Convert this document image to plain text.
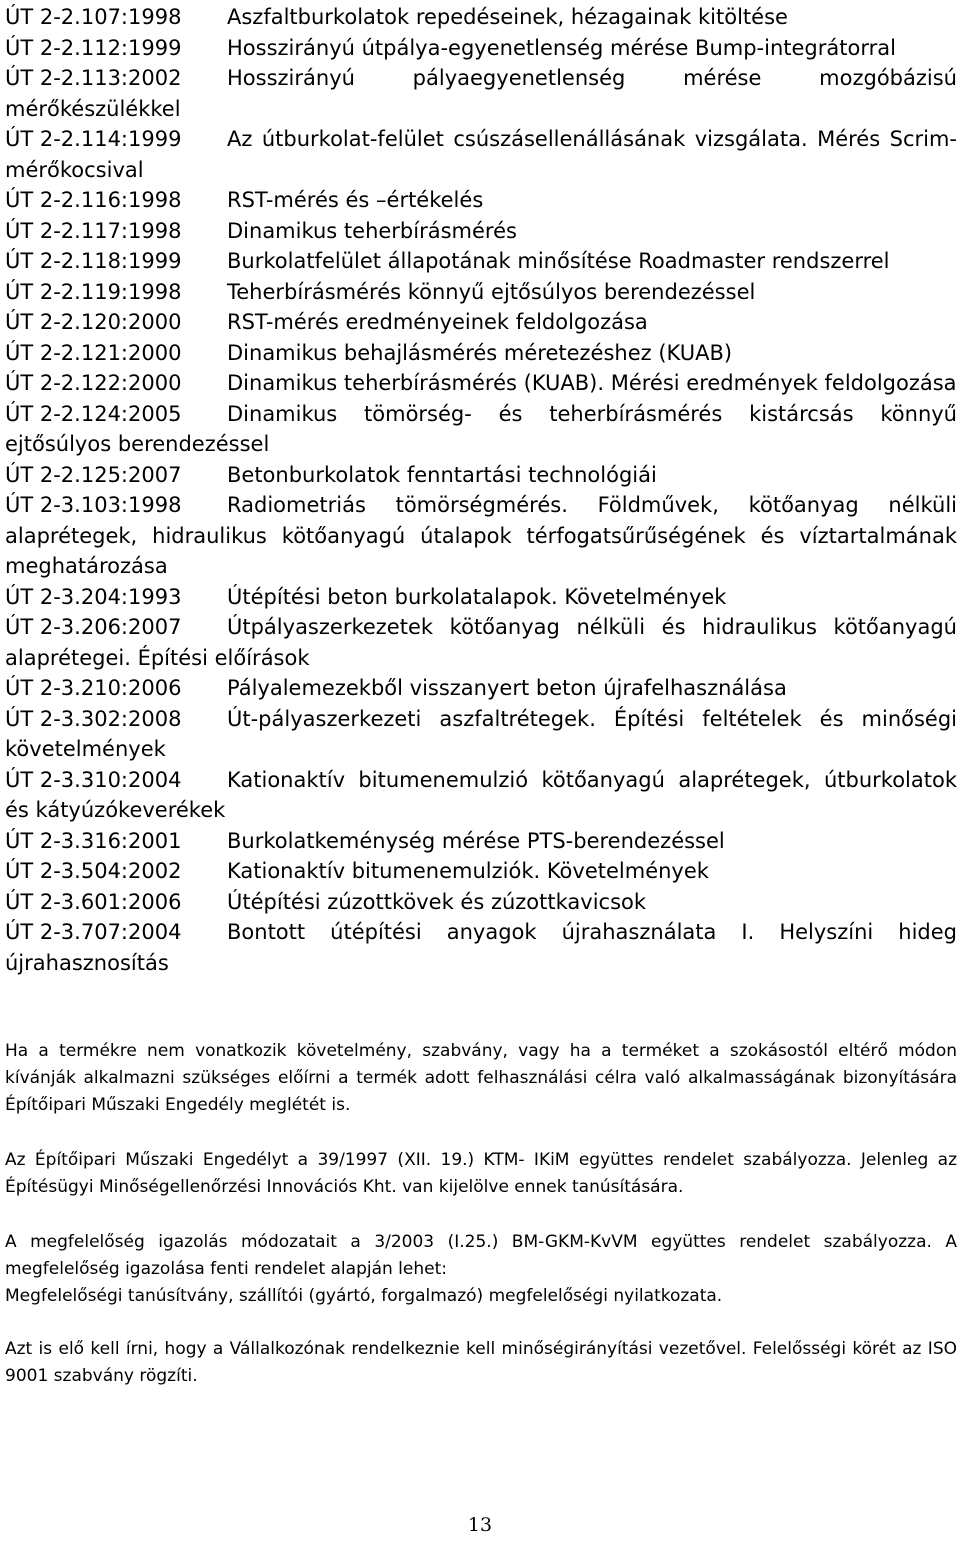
ÚT 2-2.107:1998 Aszfaltburkolatok repedéseinek, hézagainak kitöltése
ÚT 2-2.112:1999 Hosszirányú útpálya-egyenetlenség mérése Bump-integrátorral
ÚT 2-2.113:2002 Hosszirányú pályaegyenetlenség mérése mozgóbázisú mérőkészülékkel
ÚT 2-2.114:1999 Az útburkolat-felület csúszásellenállásának vizsgálata. Mérés Scrim-mérőkocsival
ÚT 2-2.116:1998 RST-mérés és –értékelés
ÚT 2-2.117:1998 Dinamikus teherbírásmérés
ÚT 2-2.118:1999 Burkolatfelület állapotának minősítése Roadmaster rendszerrel
ÚT 2-2.119:1998 Teherbírásmérés könnyű ejtősúlyos berendezéssel
ÚT 2-2.120:2000 RST-mérés eredményeinek feldolgozása
ÚT 2-2.121:2000 Dinamikus behajlásmérés méretezéshez (KUAB)
ÚT 2-2.122:2000 Dinamikus teherbírásmérés (KUAB). Mérési eredmények feldolgozása
ÚT 2-2.124:2005 Dinamikus tömörség- és teherbírásmérés kistárcsás könnyű ejtősúlyos berendezéssel
ÚT 2-2.125:2007 Betonburkolatok fenntartási technológiái
ÚT 2-3.103:1998 Radiometriás tömörségmérés. Földművek, kötőanyag nélküli alaprétegek, hidraulikus kötőanyagú útalapok térfogatsűrűségének és víztartalmának meghatározása
ÚT 2-3.204:1993 Útépítési beton burkolatalapok. Követelmények
ÚT 2-3.206:2007 Útpályaszerkezetek kötőanyag nélküli és hidraulikus kötőanyagú alaprétegei. Építési előírások
ÚT 2-3.210:2006 Pályalemezekből visszanyert beton újrafelhasználása
ÚT 2-3.302:2008 Út-pályaszerkezeti aszfaltrétegek. Építési feltételek és minőségi követelmények
ÚT 2-3.310:2004 Kationaktív bitumenemulzió kötőanyagú alaprétegek, útburkolatok és kátyúzókeverékek
ÚT 2-3.316:2001 Burkolatkeménység mérése PTS-berendezéssel
ÚT 2-3.504:2002 Kationaktív bitumenemulziók. Követelmények
ÚT 2-3.601:2006 Útépítési zúzottkövek és zúzottkavicsok
ÚT 2-3.707:2004 Bontott útépítési anyagok újrahasználata I. Helyszíni hideg újrahasznosítás

Ha a termékre nem vonatkozik követelmény, szabvány, vagy ha a terméket a szokásostól eltérő módon kívánják alkalmazni szükséges előírni a termék adott felhasználási célra való alkalmasságának bizonyítására Építőipari Műszaki Engedély meglétét is.

Az Építőipari Műszaki Engedélyt a 39/1997 (XII. 19.) KTM- IKiM együttes rendelet szabályozza. Jelenleg az Építésügyi Minőségellenőrzési Innovációs Kht. van kijelölve ennek tanúsítására.

A megfelelőség igazolás módozatait a 3/2003 (I.25.) BM-GKM-KvVM együttes rendelet szabályozza. A megfelelőség igazolása fenti rendelet alapján lehet:

Megfelelőségi tanúsítvány, szállítói (gyártó, forgalmazó) megfelelőségi nyilatkozata.

Azt is elő kell írni, hogy a Vállalkozónak rendelkeznie kell minőségirányítási vezetővel. Felelősségi körét az ISO 9001 szabvány rögzíti.

13
